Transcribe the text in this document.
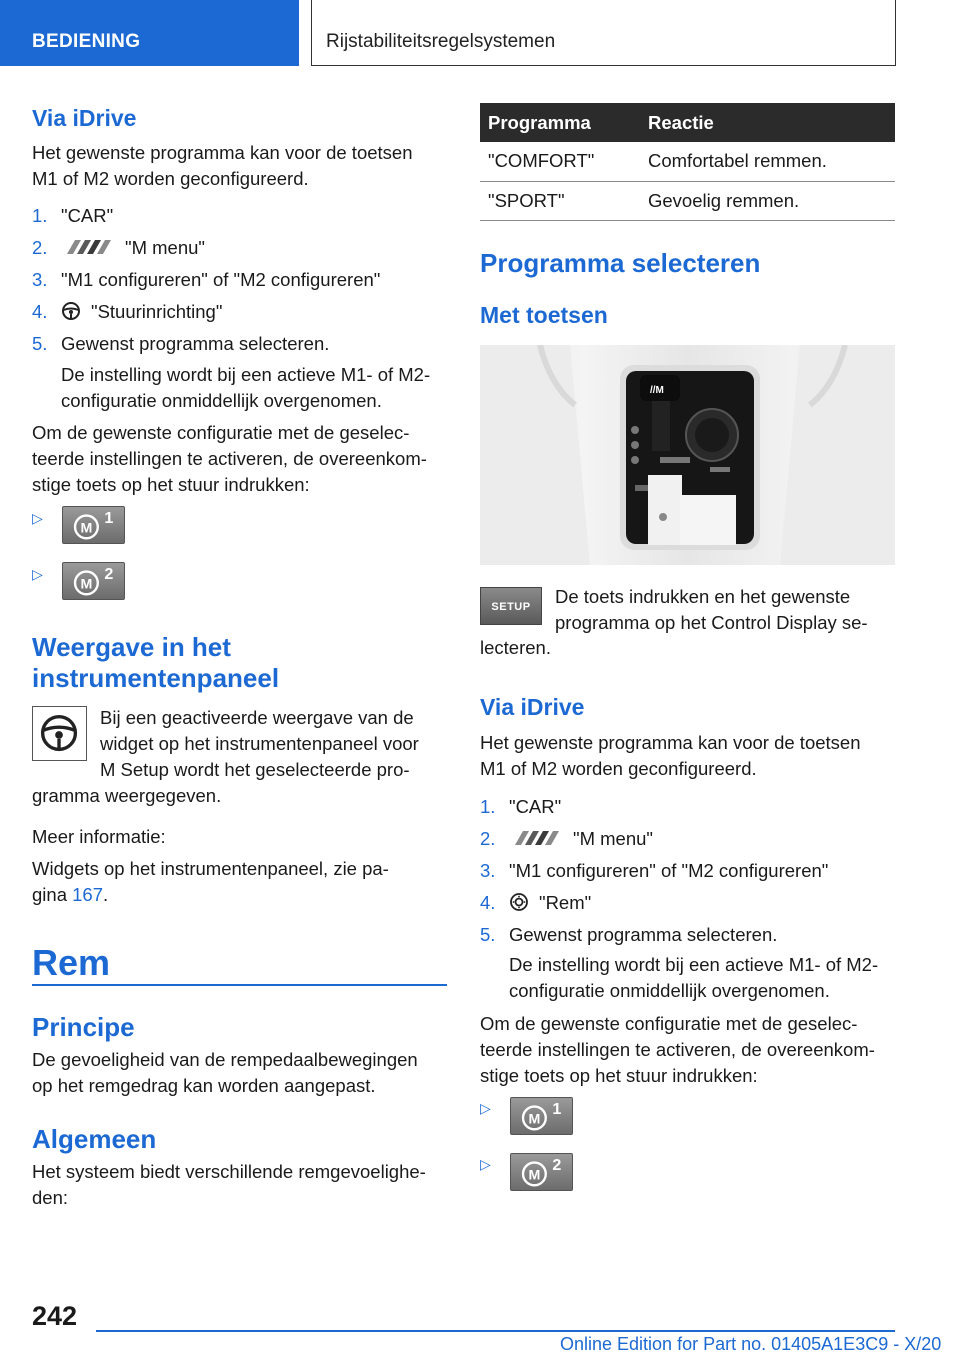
BEDIENING	Rijstabiliteitsregelsystemen
Via iDrive
Het gewenste programma kan voor de toetsen
M1 of M2 worden geconfigureerd.
1. "CAR"
2.	"M menu"
3. "M1 configureren" of "M2 configureren"
4.	"Stuurinrichting"
5. Gewenst programma selecteren.
De instelling wordt bij een actieve M1- of M2-
configuratie onmiddellijk overgenomen.
Om de gewenste configuratie met de geselec-
teerde instellingen te activeren, de overeenkom-
stige toets op het stuur indrukken:
▷
M
1
▷
M
2
Weergave in het
instrumentenpaneel
Bij een geactiveerde weergave van de
widget op het instrumentenpaneel voor
M Setup wordt het geselecteerde pro-
gramma weergegeven.
Meer informatie:
Widgets op het instrumentenpaneel, zie pa-
gina 167.
Rem
Principe
De gevoeligheid van de rempedaalbewegingen
op het remgedrag kan worden aangepast.
Algemeen
Het systeem biedt verschillende remgevoelighe-
den:
Programma	Reactie
"COMFORT"	Comfortabel remmen.
"SPORT"	Gevoelig remmen.
Programma selecteren
Met toetsen
//M
SETUP	De toets indrukken en het gewenste
programma op het Control Display se-
lecteren.
Via iDrive
Het gewenste programma kan voor de toetsen
M1 of M2 worden geconfigureerd.
1. "CAR"
2.	"M menu"
3. "M1 configureren" of "M2 configureren"
4.	"Rem"
5. Gewenst programma selecteren.
De instelling wordt bij een actieve M1- of M2-
configuratie onmiddellijk overgenomen.
Om de gewenste configuratie met de geselec-
teerde instellingen te activeren, de overeenkom-
stige toets op het stuur indrukken:
▷
M
1
▷
M
2
242
Online Edition for Part no. 01405A1E3C9 - X/20
